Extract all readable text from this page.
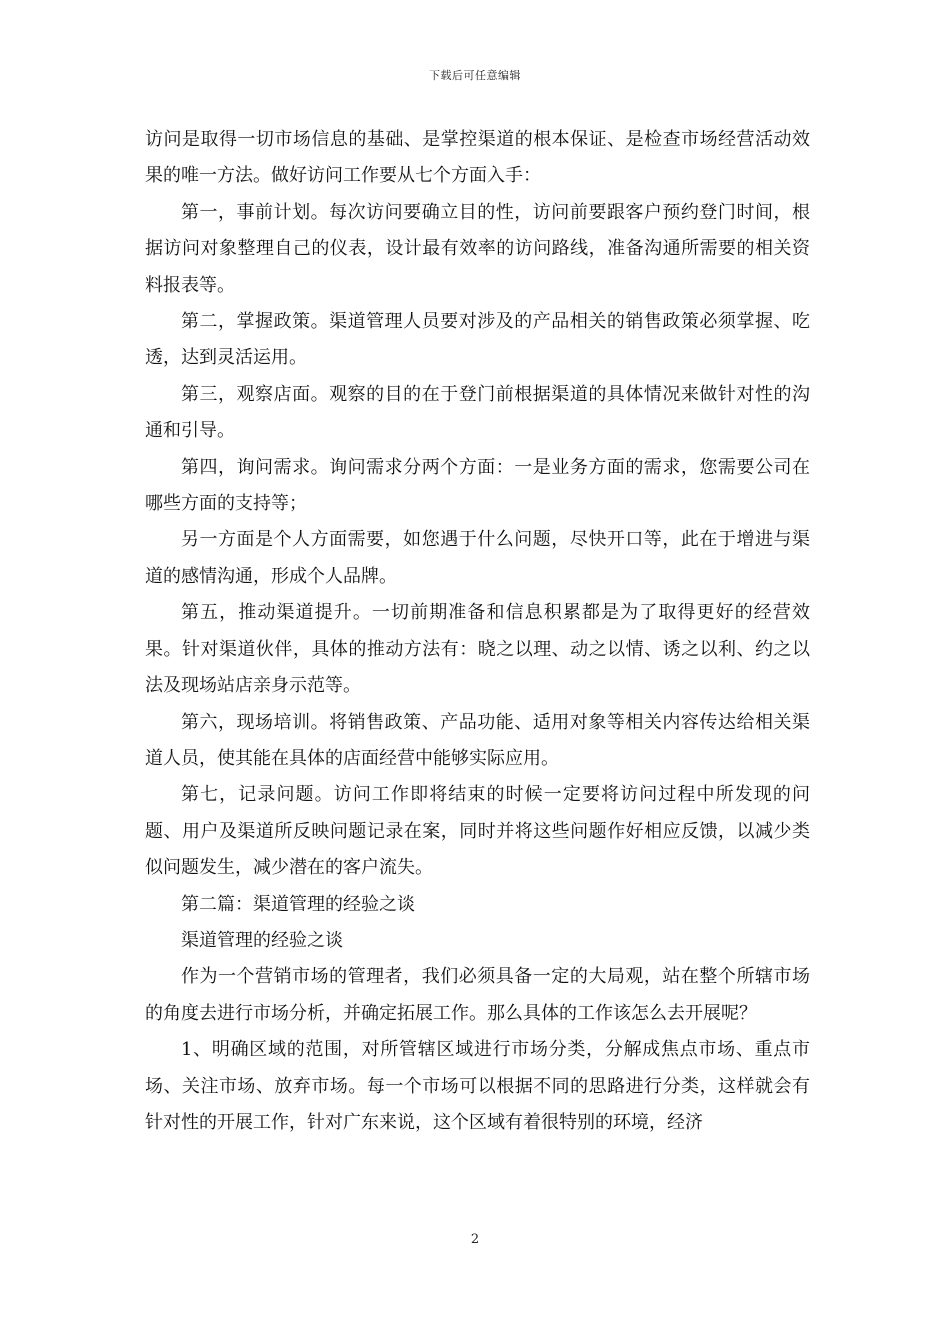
下载后可任意编辑

访问是取得一切市场信息的基础、是掌控渠道的根本保证、是检查市场经营活动效果的唯一方法。做好访问工作要从七个方面入手：

第一，事前计划。每次访问要确立目的性，访问前要跟客户预约登门时间，根据访问对象整理自己的仪表，设计最有效率的访问路线，准备沟通所需要的相关资料报表等。

第二，掌握政策。渠道管理人员要对涉及的产品相关的销售政策必须掌握、吃透，达到灵活运用。

第三，观察店面。观察的目的在于登门前根据渠道的具体情况来做针对性的沟通和引导。

第四，询问需求。询问需求分两个方面：一是业务方面的需求，您需要公司在哪些方面的支持等；

另一方面是个人方面需要，如您遇于什么问题，尽快开口等，此在于增进与渠道的感情沟通，形成个人品牌。

第五，推动渠道提升。一切前期准备和信息积累都是为了取得更好的经营效果。针对渠道伙伴，具体的推动方法有：晓之以理、动之以情、诱之以利、约之以法及现场站店亲身示范等。

第六，现场培训。将销售政策、产品功能、适用对象等相关内容传达给相关渠道人员，使其能在具体的店面经营中能够实际应用。

第七，记录问题。访问工作即将结束的时候一定要将访问过程中所发现的问题、用户及渠道所反映问题记录在案，同时并将这些问题作好相应反馈，以减少类似问题发生，减少潜在的客户流失。

第二篇：渠道管理的经验之谈

渠道管理的经验之谈

作为一个营销市场的管理者，我们必须具备一定的大局观，站在整个所辖市场的角度去进行市场分析，并确定拓展工作。那么具体的工作该怎么去开展呢？

1、明确区域的范围，对所管辖区域进行市场分类，分解成焦点市场、重点市场、关注市场、放弃市场。每一个市场可以根据不同的思路进行分类，这样就会有针对性的开展工作，针对广东来说，这个区域有着很特别的环境，经济

2
